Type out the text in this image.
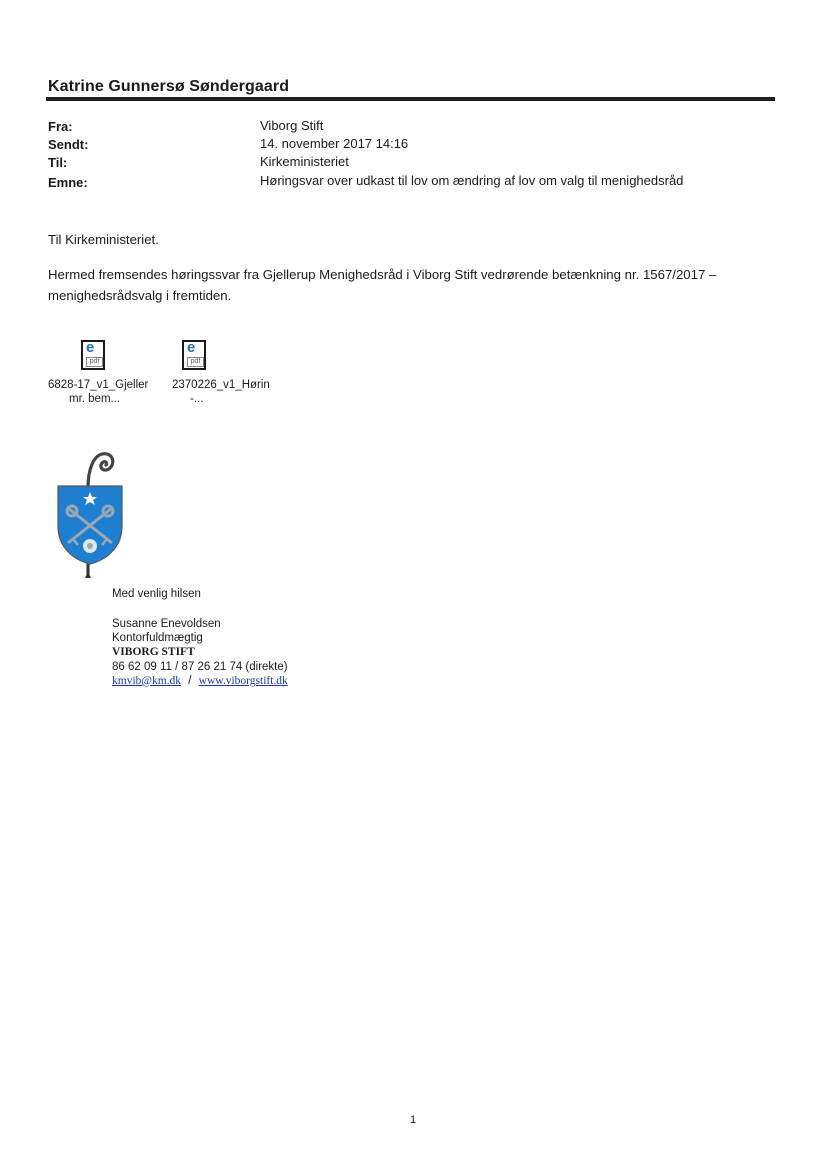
Katrine Gunnersø Søndergaard
Fra:	Viborg Stift
Sendt:	14. november 2017 14:16
Til:	Kirkeministeriet
Emne:	Høringsvar over udkast til lov om ændring af lov om valg til menighedsråd
Til Kirkeministeriet.
Hermed fremsendes høringssvar fra Gjellerup Menighedsråd i Viborg Stift vedrørende betænkning nr. 1567/2017 –
menighedsrådsvalg i fremtiden.
e
pdf
6828-17_v1_Gjeller
mr. bem...
e
pdf
2370226_v1_Hørin
-...
Med venlig hilsen
Susanne Enevoldsen
Kontorfuldmægtig
VIBORG STIFT
86 62 09 11 / 87 26 21 74 (direkte)
kmvib@km.dk / www.viborgstift.dk
1
